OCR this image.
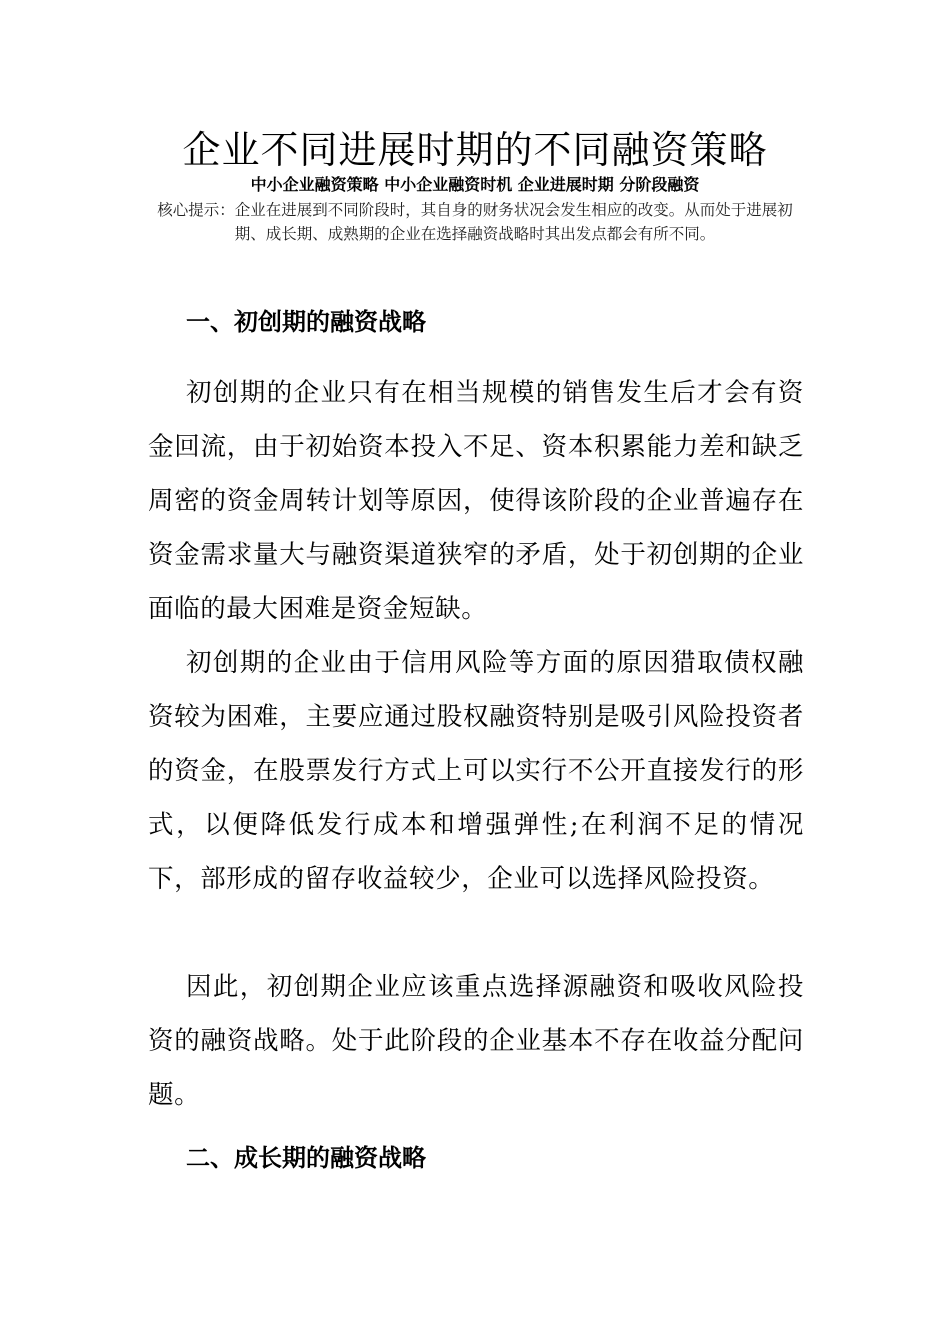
企业不同进展时期的不同融资策略

中小企业融资策略 中小企业融资时机 企业进展时期 分阶段融资

核心提示：企业在进展到不同阶段时，其自身的财务状况会发生相应的改变。从而处于进展初期、成长期、成熟期的企业在选择融资战略时其出发点都会有所不同。

一、初创期的融资战略

初创期的企业只有在相当规模的销售发生后才会有资金回流，由于初始资本投入不足、资本积累能力差和缺乏周密的资金周转计划等原因，使得该阶段的企业普遍存在资金需求量大与融资渠道狭窄的矛盾，处于初创期的企业面临的最大困难是资金短缺。

初创期的企业由于信用风险等方面的原因猎取债权融资较为困难，主要应通过股权融资特别是吸引风险投资者的资金，在股票发行方式上可以实行不公开直接发行的形式，以便降低发行成本和增强弹性;在利润不足的情况下，部形成的留存收益较少，企业可以选择风险投资。

因此，初创期企业应该重点选择源融资和吸收风险投资的融资战略。处于此阶段的企业基本不存在收益分配问题。

二、成长期的融资战略
